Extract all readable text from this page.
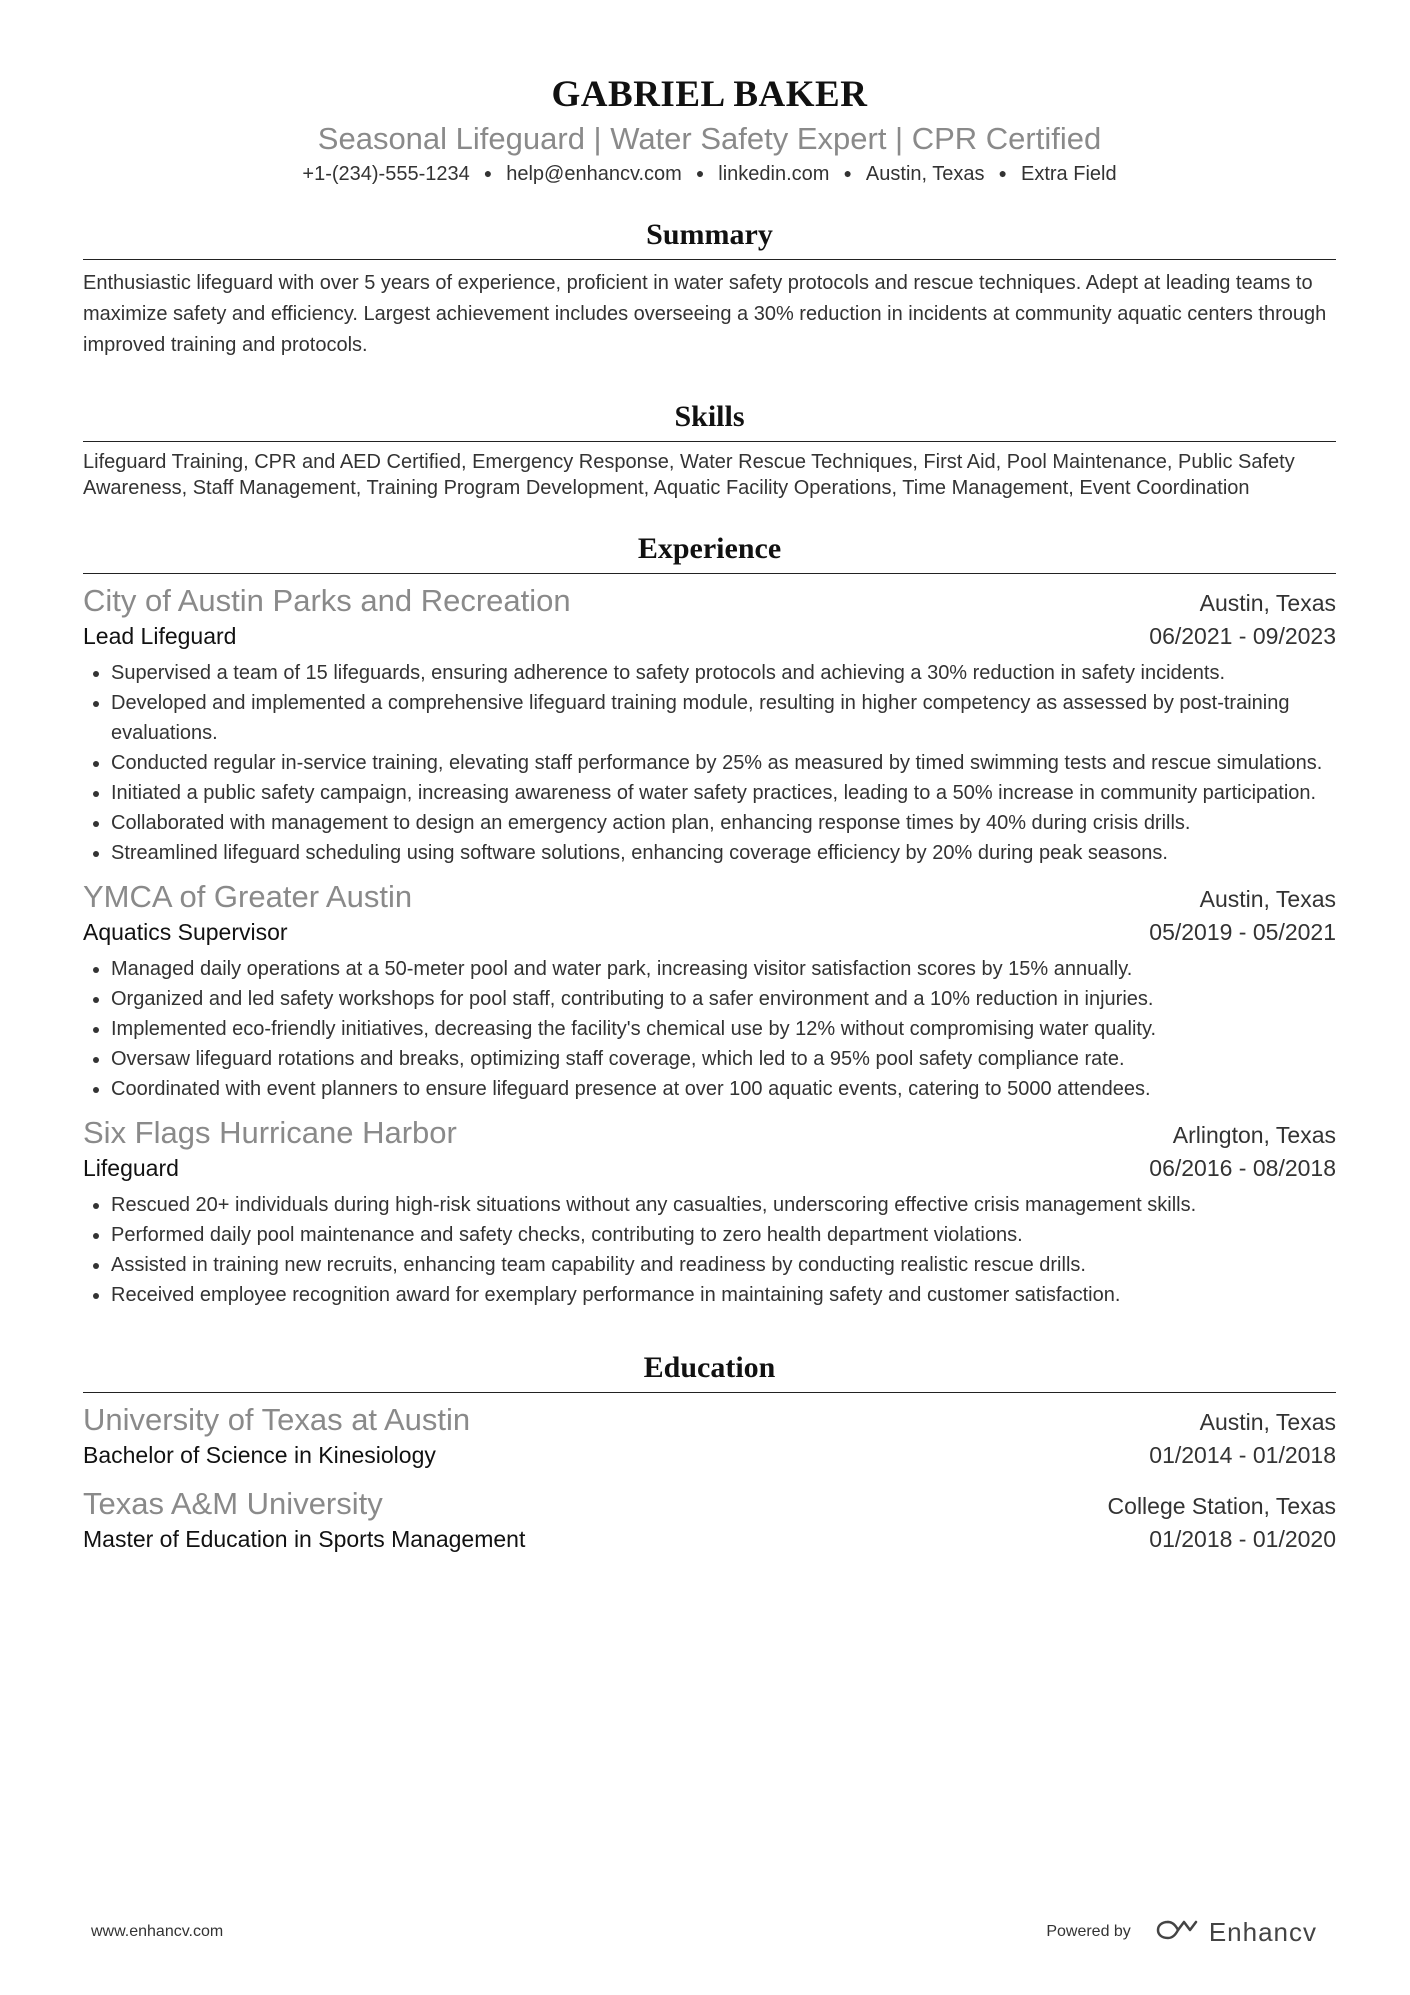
GABRIEL BAKER
Seasonal Lifeguard | Water Safety Expert | CPR Certified
+1-(234)-555-1234 ● help@enhancv.com ● linkedin.com ● Austin, Texas ● Extra Field
Summary
Enthusiastic lifeguard with over 5 years of experience, proficient in water safety protocols and rescue techniques. Adept at leading teams to maximize safety and efficiency. Largest achievement includes overseeing a 30% reduction in incidents at community aquatic centers through improved training and protocols.
Skills
Lifeguard Training, CPR and AED Certified, Emergency Response, Water Rescue Techniques, First Aid, Pool Maintenance, Public Safety Awareness, Staff Management, Training Program Development, Aquatic Facility Operations, Time Management, Event Coordination
Experience
City of Austin Parks and Recreation	Austin, Texas
Lead Lifeguard	06/2021 - 09/2023
Supervised a team of 15 lifeguards, ensuring adherence to safety protocols and achieving a 30% reduction in safety incidents.
Developed and implemented a comprehensive lifeguard training module, resulting in higher competency as assessed by post-training evaluations.
Conducted regular in-service training, elevating staff performance by 25% as measured by timed swimming tests and rescue simulations.
Initiated a public safety campaign, increasing awareness of water safety practices, leading to a 50% increase in community participation.
Collaborated with management to design an emergency action plan, enhancing response times by 40% during crisis drills.
Streamlined lifeguard scheduling using software solutions, enhancing coverage efficiency by 20% during peak seasons.
YMCA of Greater Austin	Austin, Texas
Aquatics Supervisor	05/2019 - 05/2021
Managed daily operations at a 50-meter pool and water park, increasing visitor satisfaction scores by 15% annually.
Organized and led safety workshops for pool staff, contributing to a safer environment and a 10% reduction in injuries.
Implemented eco-friendly initiatives, decreasing the facility's chemical use by 12% without compromising water quality.
Oversaw lifeguard rotations and breaks, optimizing staff coverage, which led to a 95% pool safety compliance rate.
Coordinated with event planners to ensure lifeguard presence at over 100 aquatic events, catering to 5000 attendees.
Six Flags Hurricane Harbor	Arlington, Texas
Lifeguard	06/2016 - 08/2018
Rescued 20+ individuals during high-risk situations without any casualties, underscoring effective crisis management skills.
Performed daily pool maintenance and safety checks, contributing to zero health department violations.
Assisted in training new recruits, enhancing team capability and readiness by conducting realistic rescue drills.
Received employee recognition award for exemplary performance in maintaining safety and customer satisfaction.
Education
University of Texas at Austin	Austin, Texas
Bachelor of Science in Kinesiology	01/2014 - 01/2018
Texas A&M University	College Station, Texas
Master of Education in Sports Management	01/2018 - 01/2020
www.enhancv.com	Powered by	Enhancv
